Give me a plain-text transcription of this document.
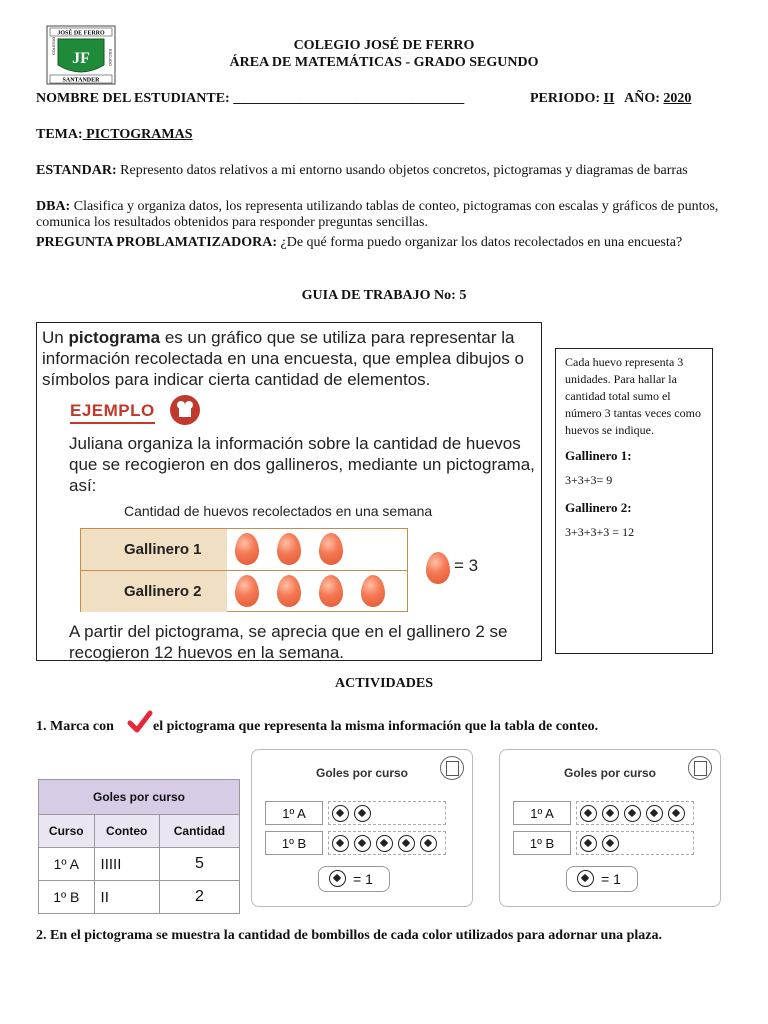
JOSÉ DE FERRO
JF
COLEGIO
ESCUDO
SANTANDER
COLEGIO JOSÉ DE FERRO
ÁREA DE MATEMÁTICAS - GRADO SEGUNDO
NOMBRE DEL ESTUDIANTE: _________________________________	PERIODO: II AÑO: 2020
TEMA: PICTOGRAMAS
ESTANDAR: Represento datos relativos a mi entorno usando objetos concretos, pictogramas y diagramas de barras
DBA: Clasifica y organiza datos, los representa utilizando tablas de conteo, pictogramas con escalas y gráficos de puntos, comunica los resultados obtenidos para responder preguntas sencillas.
PREGUNTA PROBLAMATIZADORA: ¿De qué forma puedo organizar los datos recolectados en una encuesta?
GUIA DE TRABAJO No: 5
Un pictograma es un gráfico que se utiliza para representar la información recolectada en una encuesta, que emplea dibujos o símbolos para indicar cierta cantidad de elementos.
EJEMPLO
Juliana organiza la información sobre la cantidad de huevos que se recogieron en dos gallineros, mediante un pictograma, así:
Cantidad de huevos recolectados en una semana
Gallinero 1
Gallinero 2
= 3
A partir del pictograma, se aprecia que en el gallinero 2 se recogieron 12 huevos en la semana.
Cada huevo representa 3 unidades. Para hallar la cantidad total sumo el número 3 tantas veces como huevos se indique.
Gallinero 1:
3+3+3= 9
Gallinero 2:
3+3+3+3 = 12
ACTIVIDADES
1. Marca con	el pictograma que representa la misma información que la tabla de conteo.
Goles por curso		
Curso	Conteo	Cantidad
1º A	IIIII	5
1º B	II	2
Goles por curso
1º A
1º B
= 1
Goles por curso
1º A
1º B
= 1
2. En el pictograma se muestra la cantidad de bombillos de cada color utilizados para adornar una plaza.
